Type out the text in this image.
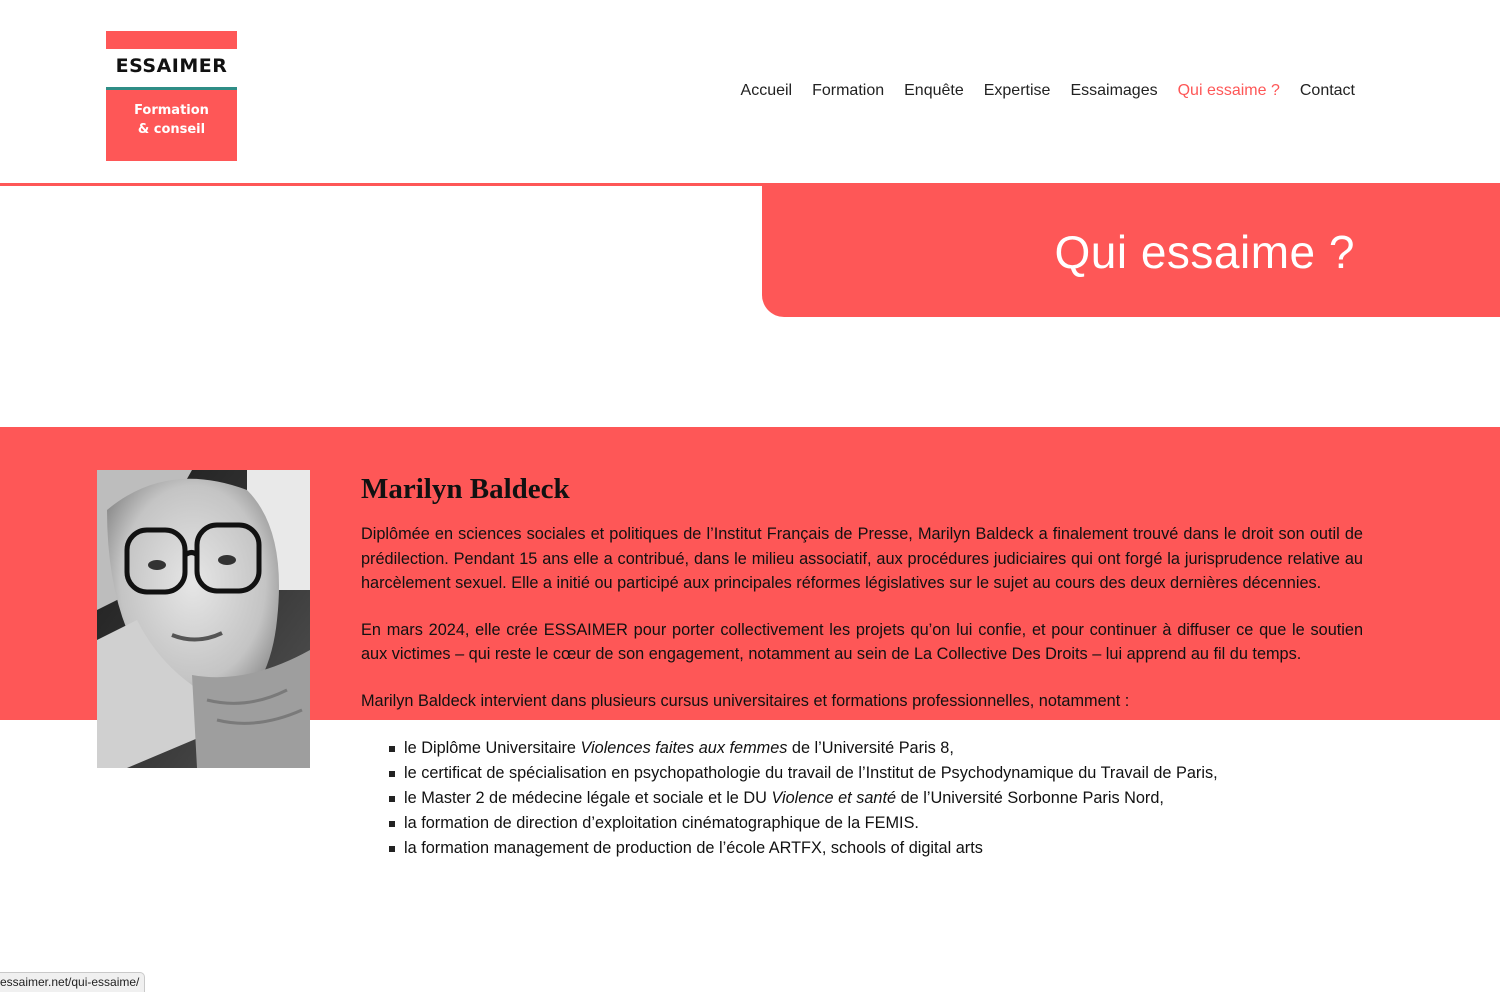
ESSAIMER
Formation
& conseil
Accueil Formation Enquête Expertise Essaimages Qui essaime ? Contact
Qui essaime ?
Marilyn Baldeck

Diplômée en sciences sociales et politiques de l’Institut Français de Presse, Marilyn Baldeck a finalement trouvé dans le droit son outil de prédilection. Pendant 15 ans elle a contribué, dans le milieu associatif, aux procédures judiciaires qui ont forgé la jurisprudence relative au harcèlement sexuel. Elle a initié ou participé aux principales réformes législatives sur le sujet au cours des deux dernières décennies.

En mars 2024, elle crée ESSAIMER pour porter collectivement les projets qu’on lui confie, et pour continuer à diffuser ce que le soutien aux victimes – qui reste le cœur de son engagement, notamment au sein de La Collective Des Droits – lui apprend au fil du temps.

Marilyn Baldeck intervient dans plusieurs cursus universitaires et formations professionnelles, notamment :

le Diplôme Universitaire Violences faites aux femmes de l’Université Paris 8,
le certificat de spécialisation en psychopathologie du travail de l’Institut de Psychodynamique du Travail de Paris,
le Master 2 de médecine légale et sociale et le DU Violence et santé de l’Université Sorbonne Paris Nord,
la formation de direction d’exploitation cinématographique de la FEMIS.
la formation management de production de l’école ARTFX, schools of digital arts
essaimer.net/qui-essaime/
